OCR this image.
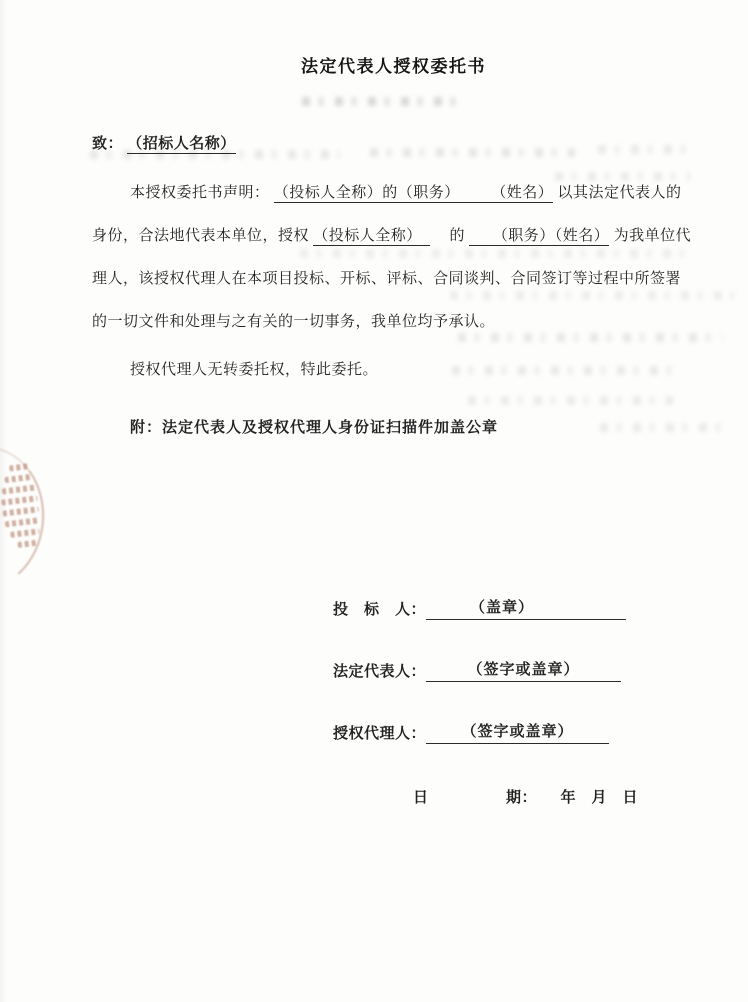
法定代表人授权委托书
致： （招标人名称）
本授权委托书声明： （投标人全称）的（职务）　　　（姓名） 以其法定代表人的
身份，合法地代表本单位，授权 （投标人全称）　 　的 　　（职务）（姓名） 为我单位代
理人，该授权代理人在本项目投标、开标、评标、合同谈判、合同签订等过程中所签署
的一切文件和处理与之有关的一切事务，我单位均予承认。
授权代理人无转委托权，特此委托。
附：法定代表人及授权代理人身份证扫描件加盖公章
投　标　人：	（盖章）
法定代表人：	（签字或盖章）
授权代理人： （签字或盖章）
日　　　　　期：　　年　月　日
